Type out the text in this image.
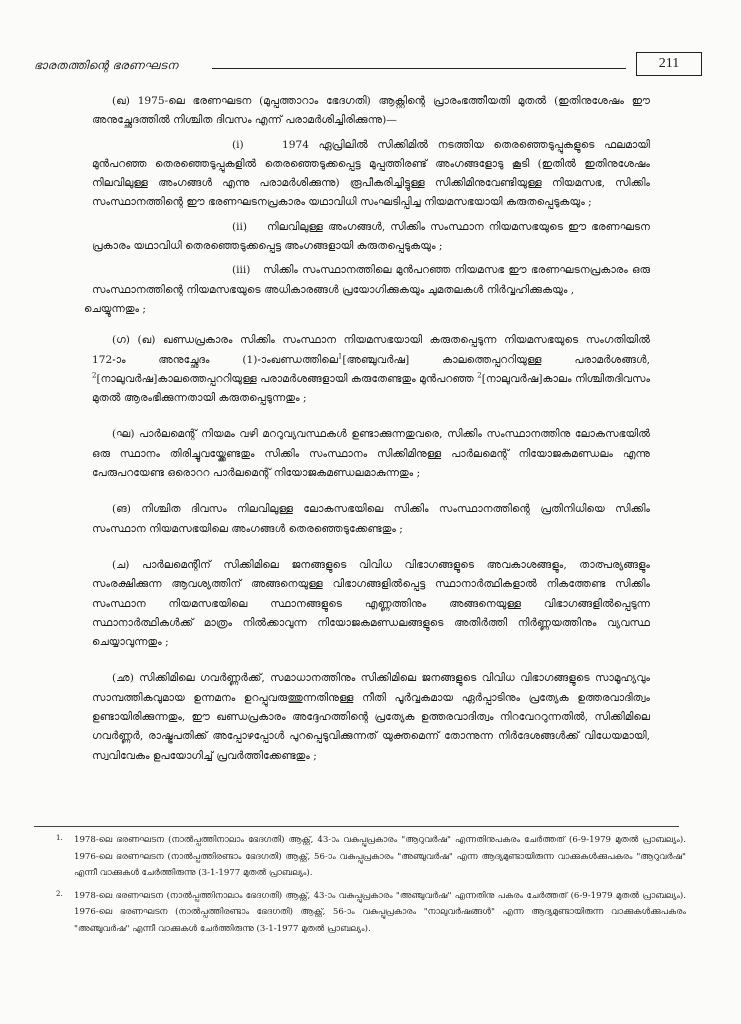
ഭാരതത്തിന്റെ ഭരണഘടന	211

(ഖ) 1975-ലെ ഭരണഘടന (മുപ്പത്താറാം ഭേദഗതി) ആക്റ്റിന്റെ പ്രാരംഭത്തീയതി മുതൽ (ഇതിനുശേഷം ഈ അനുച്ഛേദത്തിൽ നിശ്ചിത ദിവസം എന്ന് പരാമർശിച്ചിരിക്കുന്നു)—

(i)	1974 ഏപ്രിലിൽ സിക്കിമിൽ നടത്തിയ തെരഞ്ഞെടുപ്പുകളുടെ ഫലമായി മുൻപറഞ്ഞ തെരഞ്ഞെടുപ്പുകളിൽ തെരഞ്ഞെടുക്കപ്പെട്ട മുപ്പത്തിരണ്ട് അംഗങ്ങളോടു കൂടി (ഇതിൽ ഇതിനുശേഷം നിലവിലുള്ള അംഗങ്ങൾ എന്നു പരാമർശിക്കുന്നു) രൂപീകരിച്ചിട്ടുള്ള സിക്കിമിനുവേണ്ടിയുള്ള നിയമസഭ, സിക്കിം സംസ്ഥാനത്തിന്റെ ഈ ഭരണഘടനപ്രകാരം യഥാവിധി സംഘടിപ്പിച്ച നിയമസഭയായി കരുതപ്പെടുകയും ;

(ii) നിലവിലുള്ള അംഗങ്ങൾ, സിക്കിം സംസ്ഥാന നിയമസഭയുടെ ഈ ഭരണഘടന പ്രകാരം യഥാവിധി തെരഞ്ഞെടുക്കപ്പെട്ട അംഗങ്ങളായി കരുതപ്പെടുകയും ;

(iii) സിക്കിം സംസ്ഥാനത്തിലെ മുൻപറഞ്ഞ നിയമസഭ ഈ ഭരണഘടനപ്രകാരം ഒരു സംസ്ഥാനത്തിന്റെ നിയമസഭയുടെ അധികാരങ്ങൾ പ്രയോഗിക്കുകയും ചുമതലകൾ നിർവ്വഹിക്കുകയും ,

ചെയ്യുന്നതും ;

(ഗ) (ഖ) ഖണ്ഡപ്രകാരം സിക്കിം സംസ്ഥാന നിയമസഭയായി കരുതപ്പെടുന്ന നിയമസഭയുടെ സംഗതിയിൽ 172-ാം അനുച്ഛേദം (1)-ാംഖണ്ഡത്തിലെ$^1$[അഞ്ചുവർഷ] കാലത്തെപ്പററിയുള്ള പരാമർശങ്ങൾ, $^2$[നാലുവർഷ]കാലത്തെപ്പററിയുള്ള പരാമർശങ്ങളായി കരുതേണ്ടതും മുൻപറഞ്ഞ $^2$[നാലുവർഷ]കാലം നിശ്ചിതദിവസം മുതൽ ആരംഭിക്കുന്നതായി കരുതപ്പെടുന്നതും ;

(ഘ) പാർലമെന്റ് നിയമം വഴി മററുവ്യവസ്ഥകൾ ഉണ്ടാക്കുന്നതുവരെ, സിക്കിം സംസ്ഥാനത്തിനു ലോകസഭയിൽ ഒരു സ്ഥാനം തിരിച്ചുവയ്ക്കേണ്ടതും സിക്കിം സംസ്ഥാനം സിക്കിമിനുള്ള പാർലമെന്റ് നിയോജകമണ്ഡലം എന്നു പേരുപറയേണ്ട ഒരൊററ പാർലമെന്റ് നിയോജകമണ്ഡലമാകുന്നതും ;

(ങ) നിശ്ചിത ദിവസം നിലവിലുള്ള ലോകസഭയിലെ സിക്കിം സംസ്ഥാനത്തിന്റെ പ്രതിനിധിയെ സിക്കിം സംസ്ഥാന നിയമസഭയിലെ അംഗങ്ങൾ തെരഞ്ഞെടുക്കേണ്ടതും ;

(ച) പാർലമെന്റിന് സിക്കിമിലെ ജനങ്ങളുടെ വിവിധ വിഭാഗങ്ങളുടെ അവകാശങ്ങളും, താത്പര്യങ്ങളും സംരക്ഷിക്കുന്ന ആവശ്യത്തിന് അങ്ങനെയുള്ള വിഭാഗങ്ങളിൽപ്പെട്ട സ്ഥാനാർത്ഥികളാൽ നികത്തേണ്ട സിക്കിം സംസ്ഥാന നിയമസഭയിലെ സ്ഥാനങ്ങളുടെ എണ്ണത്തിനും അങ്ങനെയുള്ള വിഭാഗങ്ങളിൽപ്പെടുന്ന സ്ഥാനാർത്ഥികൾക്ക് മാത്രം നിൽക്കാവുന്ന നിയോജകമണ്ഡലങ്ങളുടെ അതിർത്തി നിർണ്ണയത്തിനും വ്യവസ്ഥ ചെയ്യാവുന്നതും ;

(ഛ) സിക്കിമിലെ ഗവർണ്ണർക്ക്, സമാധാനത്തിനും സിക്കിമിലെ ജനങ്ങളുടെ വിവിധ വിഭാഗങ്ങളുടെ സാമൂഹ്യവും സാമ്പത്തികവുമായ ഉന്നമനം ഉറപ്പുവരുത്തുന്നതിനുള്ള നീതി പൂർവ്വകമായ ഏർപ്പാടിനും പ്രത്യേക ഉത്തരവാദിത്വം ഉണ്ടായിരിക്കുന്നതും, ഈ ഖണ്ഡപ്രകാരം അദ്ദേഹത്തിന്റെ പ്രത്യേക ഉത്തരവാദിത്വം നിറവേററുന്നതിൽ, സിക്കിമിലെ ഗവർണ്ണർ, രാഷ്ട്രപതിക്ക് അപ്പോഴപ്പോൾ പുറപ്പെടുവിക്കുന്നത് യുക്തമെന്ന് തോന്നുന്ന നിർദേശങ്ങൾക്ക് വിധേയമായി, സ്വവിവേകം ഉപയോഗിച്ച് പ്രവർത്തിക്കേണ്ടതും ;

1. 1978-ലെ ഭരണഘടന (നാൽപ്പത്തിനാലാം ഭേദഗതി) ആക്റ്റ്, 43-ാം വകുപ്പുപ്രകാരം "ആറുവർഷ" എന്നതിനുപകരം ചേർത്തത് (6-9-1979 മുതൽ പ്രാബല്യം). 1976-ലെ ഭരണഘടന (നാൽപ്പത്തിരണ്ടാം ഭേദഗതി) ആക്റ്റ്, 56-ാം വകുപ്പുപ്രകാരം "അഞ്ചുവർഷ" എന്ന ആദ്യമുണ്ടായിരുന്ന വാക്കുകൾക്കുപകരം "ആറുവർഷ" എന്നീ വാക്കുകൾ ചേർത്തിരുന്നു (3-1-1977 മുതൽ പ്രാബല്യം).

2. 1978-ലെ ഭരണഘടന (നാൽപ്പത്തിനാലാം ഭേദഗതി) ആക്റ്റ്, 43-ാം വകുപ്പുപ്രകാരം "അഞ്ചുവർഷ" എന്നതിനു പകരം ചേർത്തത് (6-9-1979 മുതൽ പ്രാബല്യം). 1976-ലെ ഭരണഘടന (നാൽപ്പത്തിരണ്ടാം ഭേദഗതി) ആക്റ്റ്, 56-ാം വകുപ്പുപ്രകാരം "നാലുവർഷങ്ങൾ" എന്ന ആദ്യമുണ്ടായിരുന്ന വാക്കുകൾക്കുപകരം "അഞ്ചുവർഷ" എന്നീ വാക്കുകൾ ചേർത്തിരുന്നു (3-1-1977 മുതൽ പ്രാബല്യം).
